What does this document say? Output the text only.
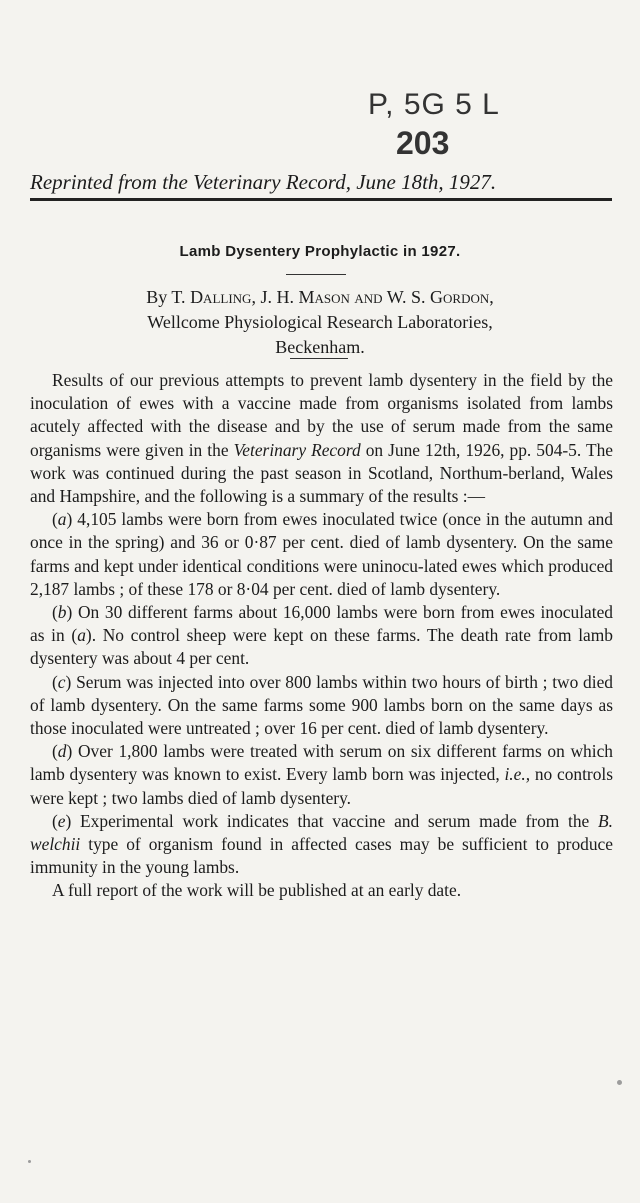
P, 5G 5 L
203
Reprinted from the Veterinary Record, June 18th, 1927.
Lamb Dysentery Prophylactic in 1927.
By T. Dalling, J. H. Mason and W. S. Gordon,
Wellcome Physiological Research Laboratories,
Beckenham.

Results of our previous attempts to prevent lamb dysentery in the field by the inoculation of ewes with a vaccine made from organisms isolated from lambs acutely affected with the disease and by the use of serum made from the same organisms were given in the Veterinary Record on June 12th, 1926, pp. 504-5. The work was continued during the past season in Scotland, Northum-berland, Wales and Hampshire, and the following is a summary of the results :—

(a) 4,105 lambs were born from ewes inoculated twice (once in the autumn and once in the spring) and 36 or 0·87 per cent. died of lamb dysentery. On the same farms and kept under identical conditions were uninocu-lated ewes which produced 2,187 lambs ; of these 178 or 8·04 per cent. died of lamb dysentery.

(b) On 30 different farms about 16,000 lambs were born from ewes inoculated as in (a). No control sheep were kept on these farms. The death rate from lamb dysentery was about 4 per cent.

(c) Serum was injected into over 800 lambs within two hours of birth ; two died of lamb dysentery. On the same farms some 900 lambs born on the same days as those inoculated were untreated ; over 16 per cent. died of lamb dysentery.

(d) Over 1,800 lambs were treated with serum on six different farms on which lamb dysentery was known to exist. Every lamb born was injected, i.e., no controls were kept ; two lambs died of lamb dysentery.

(e) Experimental work indicates that vaccine and serum made from the B. welchii type of organism found in affected cases may be sufficient to produce immunity in the young lambs.

A full report of the work will be published at an early date.
